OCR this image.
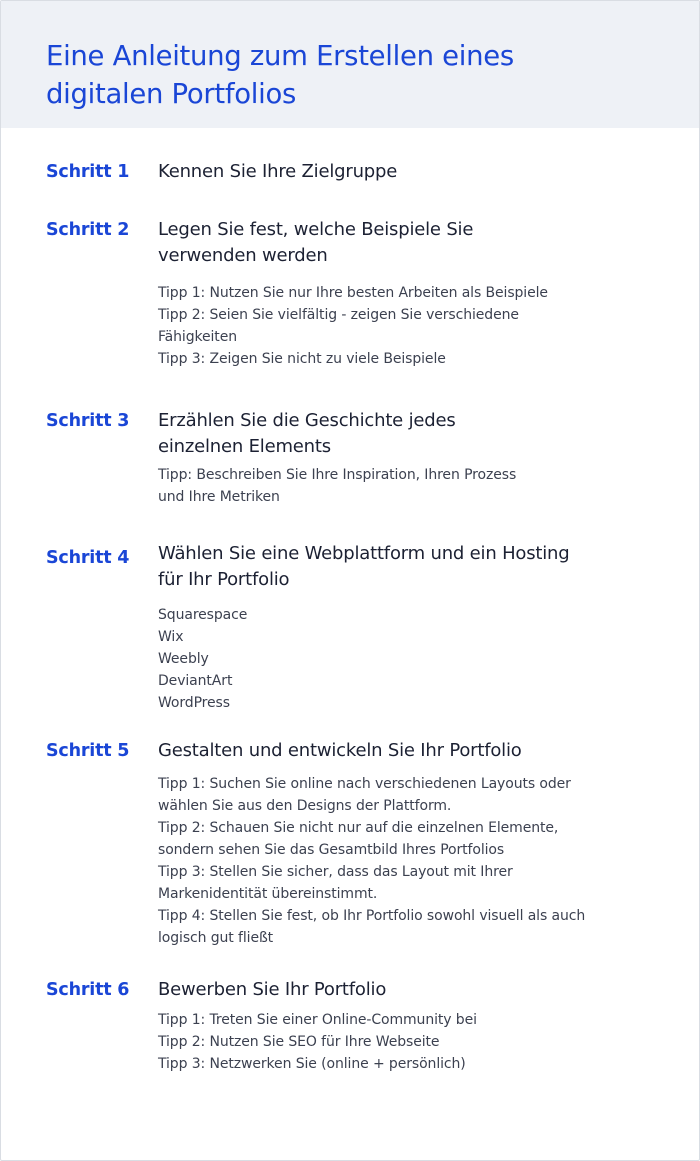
Eine Anleitung zum Erstellen eines
digitalen Portfolios
Schritt 1 Kennen Sie Ihre Zielgruppe

Schritt 2 Legen Sie fest, welche Beispiele Sie
verwenden werden

Tipp 1: Nutzen Sie nur Ihre besten Arbeiten als Beispiele
Tipp 2: Seien Sie vielfältig - zeigen Sie verschiedene
Fähigkeiten
Tipp 3: Zeigen Sie nicht zu viele Beispiele
Schritt 3 Erzählen Sie die Geschichte jedes
einzelnen Elements

Tipp: Beschreiben Sie Ihre Inspiration, Ihren Prozess
und Ihre Metriken
Schritt 4 Wählen Sie eine Webplattform und ein Hosting
für Ihr Portfolio

Squarespace
Wix
Weebly
DeviantArt
WordPress
Schritt 5 Gestalten und entwickeln Sie Ihr Portfolio

Tipp 1: Suchen Sie online nach verschiedenen Layouts oder
wählen Sie aus den Designs der Plattform.
Tipp 2: Schauen Sie nicht nur auf die einzelnen Elemente,
sondern sehen Sie das Gesamtbild Ihres Portfolios
Tipp 3: Stellen Sie sicher, dass das Layout mit Ihrer
Markenidentität übereinstimmt.
Tipp 4: Stellen Sie fest, ob Ihr Portfolio sowohl visuell als auch
logisch gut fließt
Schritt 6 Bewerben Sie Ihr Portfolio

Tipp 1: Treten Sie einer Online-Community bei
Tipp 2: Nutzen Sie SEO für Ihre Webseite
Tipp 3: Netzwerken Sie (online + persönlich)
